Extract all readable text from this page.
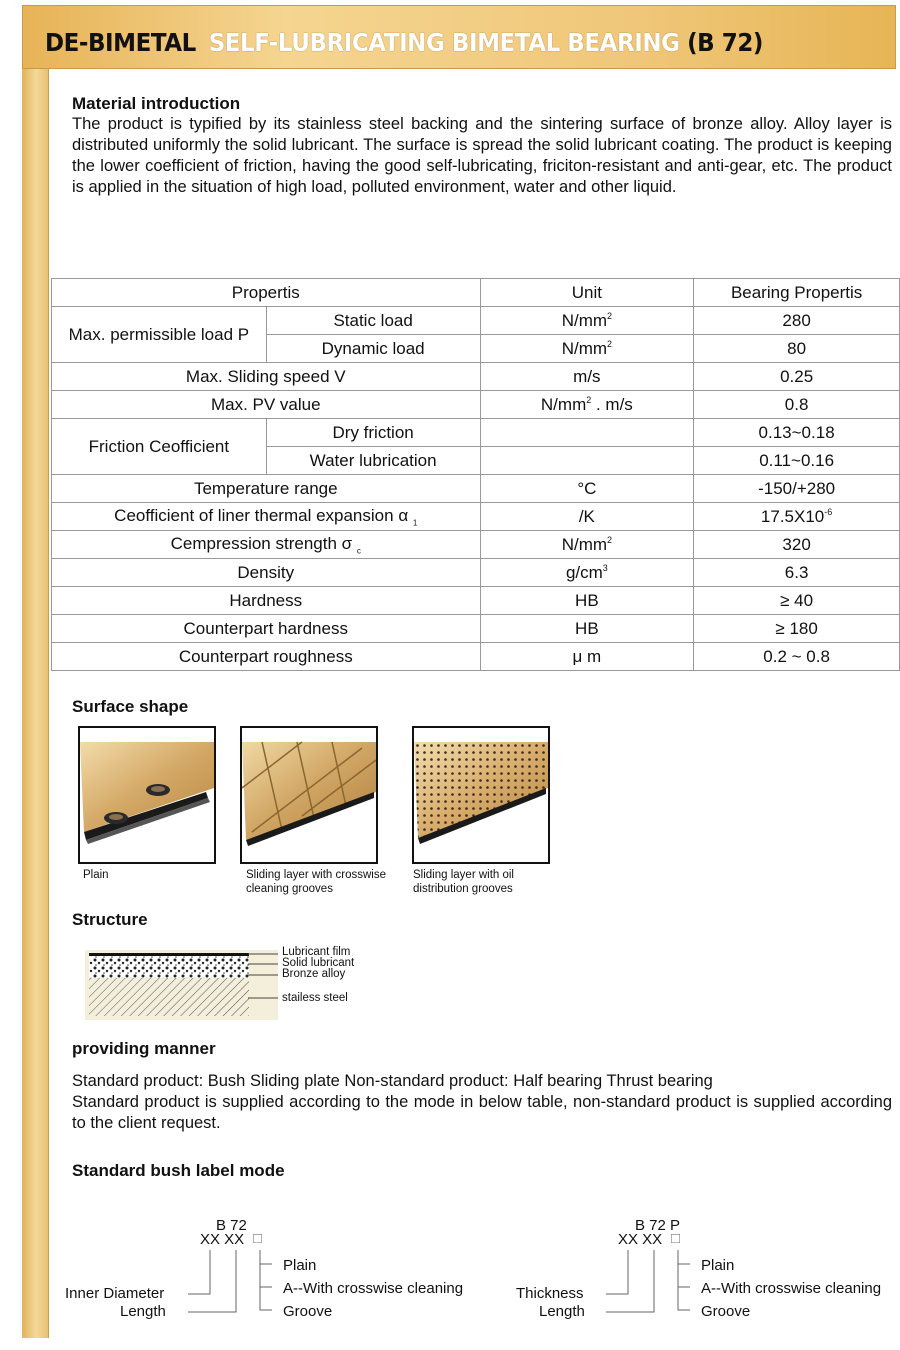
DE-BIMETAL SELF-LUBRICATING BIMETAL BEARING (B 72)
Material introduction

The product is typified by its stainless steel backing and the sintering surface of bronze alloy. Alloy layer is distributed uniformly the solid lubricant. The surface is spread the solid lubricant coating. The product is keeping the lower coefficient of friction, having the good self-lubricating, friciton-resistant and anti-gear, etc. The product is applied in the situation of high load, polluted environment, water and other liquid.

Propertis		Unit	Bearing Propertis
Max. permissible load P	Static load	$N/mm^2$	280
	Dynamic load	$N/mm^2$	80
Max. Sliding speed V		m/s	0.25
Max. PV value		$N/mm^2$ . m/s	0.8
Friction Ceofficient	Dry friction		0.13~0.18
	Water lubrication		0.11~0.16
Temperature range		°C	-150/+280
Ceofficient of liner thermal expansion α $_1$		/K	$17.5X10^{-6}$
Cempression strength σ $_c$		$N/mm^2$	320
Density		$g/cm^3$	6.3
Hardness		HB	≥ 40
Counterpart hardness		HB	≥ 180
Counterpart roughness		μ m	0.2 ~ 0.8
Surface shape
Plain	Sliding layer with crosswise cleaning grooves
Sliding layer with oil distribution grooves
Structure
Lubricant film
Solid lubricant
Bronze alloy
stailess steel
providing manner

Standard product: Bush Sliding plate Non-standard product: Half bearing Thrust bearing

Standard product is supplied according to the mode in below table, non-standard product is supplied according to the client request.

Standard bush label mode
B 72
XX XX □
Inner Diameter
Length
Plain
A--With crosswise cleaning
Groove
B 72 P
XX XX □
Thickness
Length
Plain
A--With crosswise cleaning
Groove
